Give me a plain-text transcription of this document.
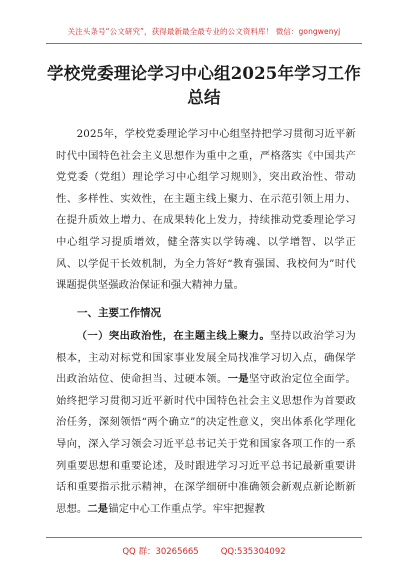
关注头条号“公文研究”，获得最新最全最专业的公文资料库！ 微信：gongwenyj
学校党委理论学习中心组2025年学习工作总结
2025年，学校党委理论学习中心组坚持把学习贯彻习近平新时代中国特色社会主义思想作为重中之重，严格落实《中国共产党党委（党组）理论学习中心组学习规则》，突出政治性、带动性、多样性、实效性，在主题主线上聚力、在示范引领上用力、在提升质效上增力、在成果转化上发力，持续推动党委理论学习中心组学习提质增效，健全落实以学铸魂、以学增智、以学正风、以学促干长效机制，为全力答好“教育强国、我校何为”时代课题提供坚强政治保证和强大精神力量。
一、主要工作情况
（一）突出政治性，在主题主线上聚力。坚持以政治学习为根本，主动对标党和国家事业发展全局找准学习切入点，确保学出政治站位、使命担当、过硬本领。一是坚守政治定位全面学。始终把学习贯彻习近平新时代中国特色社会主义思想作为首要政治任务，深刻领悟“两个确立”的决定性意义，突出体系化学理化导向，深入学习领会习近平总书记关于党和国家各项工作的一系列重要思想和重要论述，及时跟进学习习近平总书记最新重要讲话和重要指示批示精神，在深学细研中准确领会新观点新论断新思想。二是锚定中心工作重点学。牢牢把握教
QQ 群：30265665	QQ:535304092
